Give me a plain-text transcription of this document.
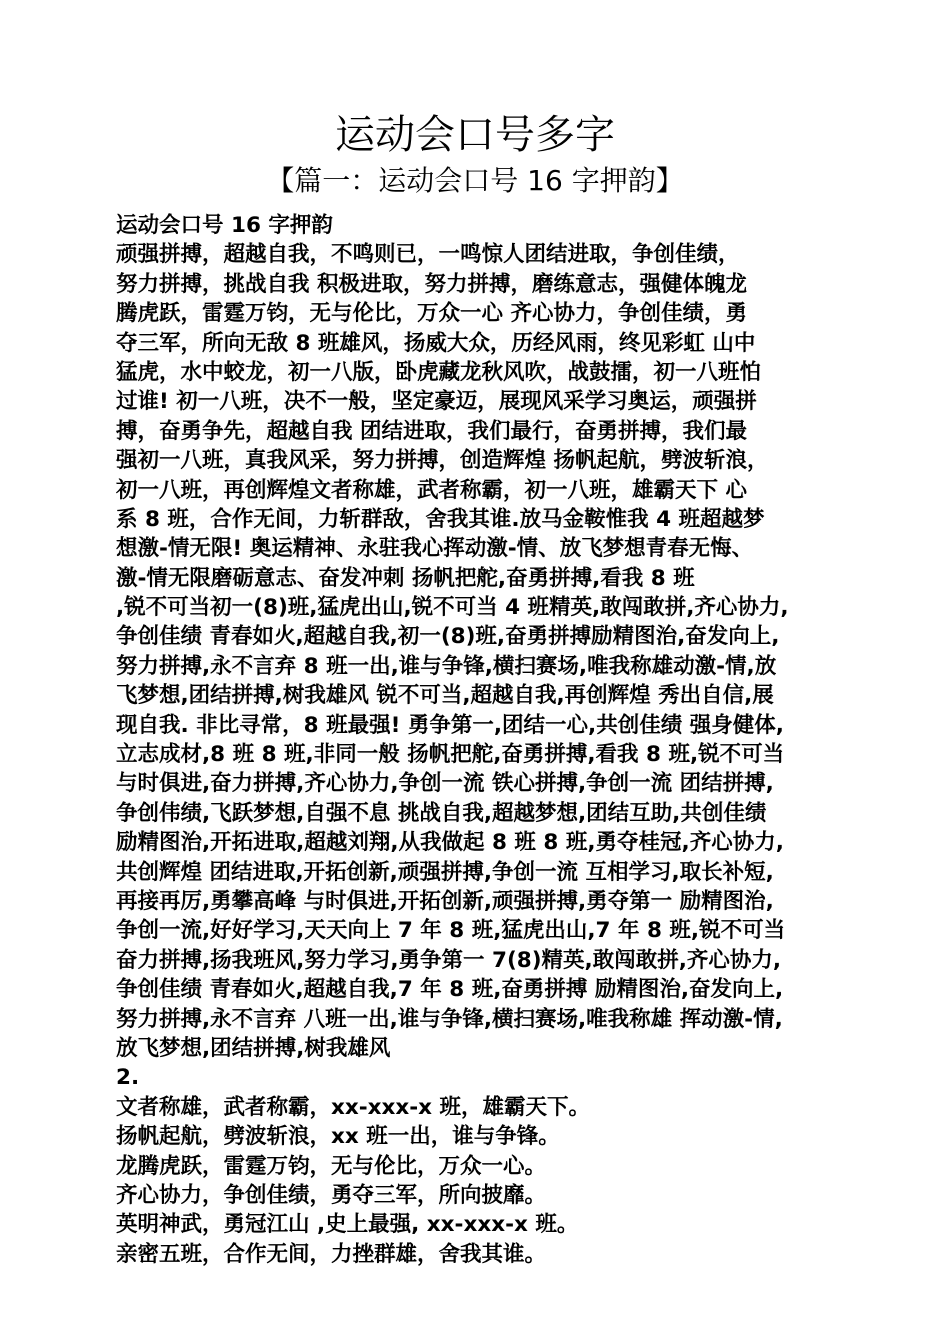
运动会口号多字
【篇一：运动会口号 16 字押韵】
运动会口号 16 字押韵
顽强拼搏，超越自我，不鸣则已，一鸣惊人团结进取，争创佳绩，
努力拼搏，挑战自我 积极进取，努力拼搏，磨练意志，强健体魄龙
腾虎跃，雷霆万钧，无与伦比，万众一心 齐心协力，争创佳绩，勇
夺三军，所向无敌 8 班雄风，扬威大众，历经风雨，终见彩虹 山中
猛虎，水中蛟龙，初一八版，卧虎藏龙秋风吹，战鼓擂，初一八班怕
过谁! 初一八班，决不一般，坚定豪迈，展现风采学习奥运，顽强拼
搏，奋勇争先，超越自我 团结进取，我们最行，奋勇拼搏，我们最
强初一八班，真我风采，努力拼搏，创造辉煌 扬帆起航，劈波斩浪，
初一八班，再创辉煌文者称雄，武者称霸，初一八班，雄霸天下 心
系 8 班，合作无间，力斩群敌，舍我其谁.放马金鞍惟我 4 班超越梦
想激-情无限! 奥运精神、永驻我心挥动激-情、放飞梦想青春无悔、
激-情无限磨砺意志、奋发冲刺 扬帆把舵,奋勇拼搏,看我 8 班
,锐不可当初一(8)班,猛虎出山,锐不可当 4 班精英,敢闯敢拼,齐心协力,
争创佳绩 青春如火,超越自我,初一(8)班,奋勇拼搏励精图治,奋发向上,
努力拼搏,永不言弃 8 班一出,谁与争锋,横扫赛场,唯我称雄动激-情,放
飞梦想,团结拼搏,树我雄风 锐不可当,超越自我,再创辉煌 秀出自信,展
现自我. 非比寻常，8 班最强! 勇争第一,团结一心,共创佳绩 强身健体,
立志成材,8 班 8 班,非同一般 扬帆把舵,奋勇拼搏,看我 8 班,锐不可当
与时俱进,奋力拼搏,齐心协力,争创一流 铁心拼搏,争创一流 团结拼搏,
争创伟绩,飞跃梦想,自强不息 挑战自我,超越梦想,团结互助,共创佳绩
励精图治,开拓进取,超越刘翔,从我做起 8 班 8 班,勇夺桂冠,齐心协力,
共创辉煌 团结进取,开拓创新,顽强拼搏,争创一流 互相学习,取长补短,
再接再厉,勇攀高峰 与时俱进,开拓创新,顽强拼搏,勇夺第一 励精图治,
争创一流,好好学习,天天向上 7 年 8 班,猛虎出山,7 年 8 班,锐不可当
奋力拼搏,扬我班风,努力学习,勇争第一 7(8)精英,敢闯敢拼,齐心协力,
争创佳绩 青春如火,超越自我,7 年 8 班,奋勇拼搏 励精图治,奋发向上,
努力拼搏,永不言弃 八班一出,谁与争锋,横扫赛场,唯我称雄 挥动激-情,
放飞梦想,团结拼搏,树我雄风
2.
文者称雄，武者称霸，xx-xxx-x 班，雄霸天下。
扬帆起航，劈波斩浪，xx 班一出，谁与争锋。
龙腾虎跃，雷霆万钧，无与伦比，万众一心。
齐心协力，争创佳绩，勇夺三军，所向披靡。
英明神武，勇冠江山 ,史上最强, xx-xxx-x 班。
亲密五班，合作无间，力挫群雄，舍我其谁。
